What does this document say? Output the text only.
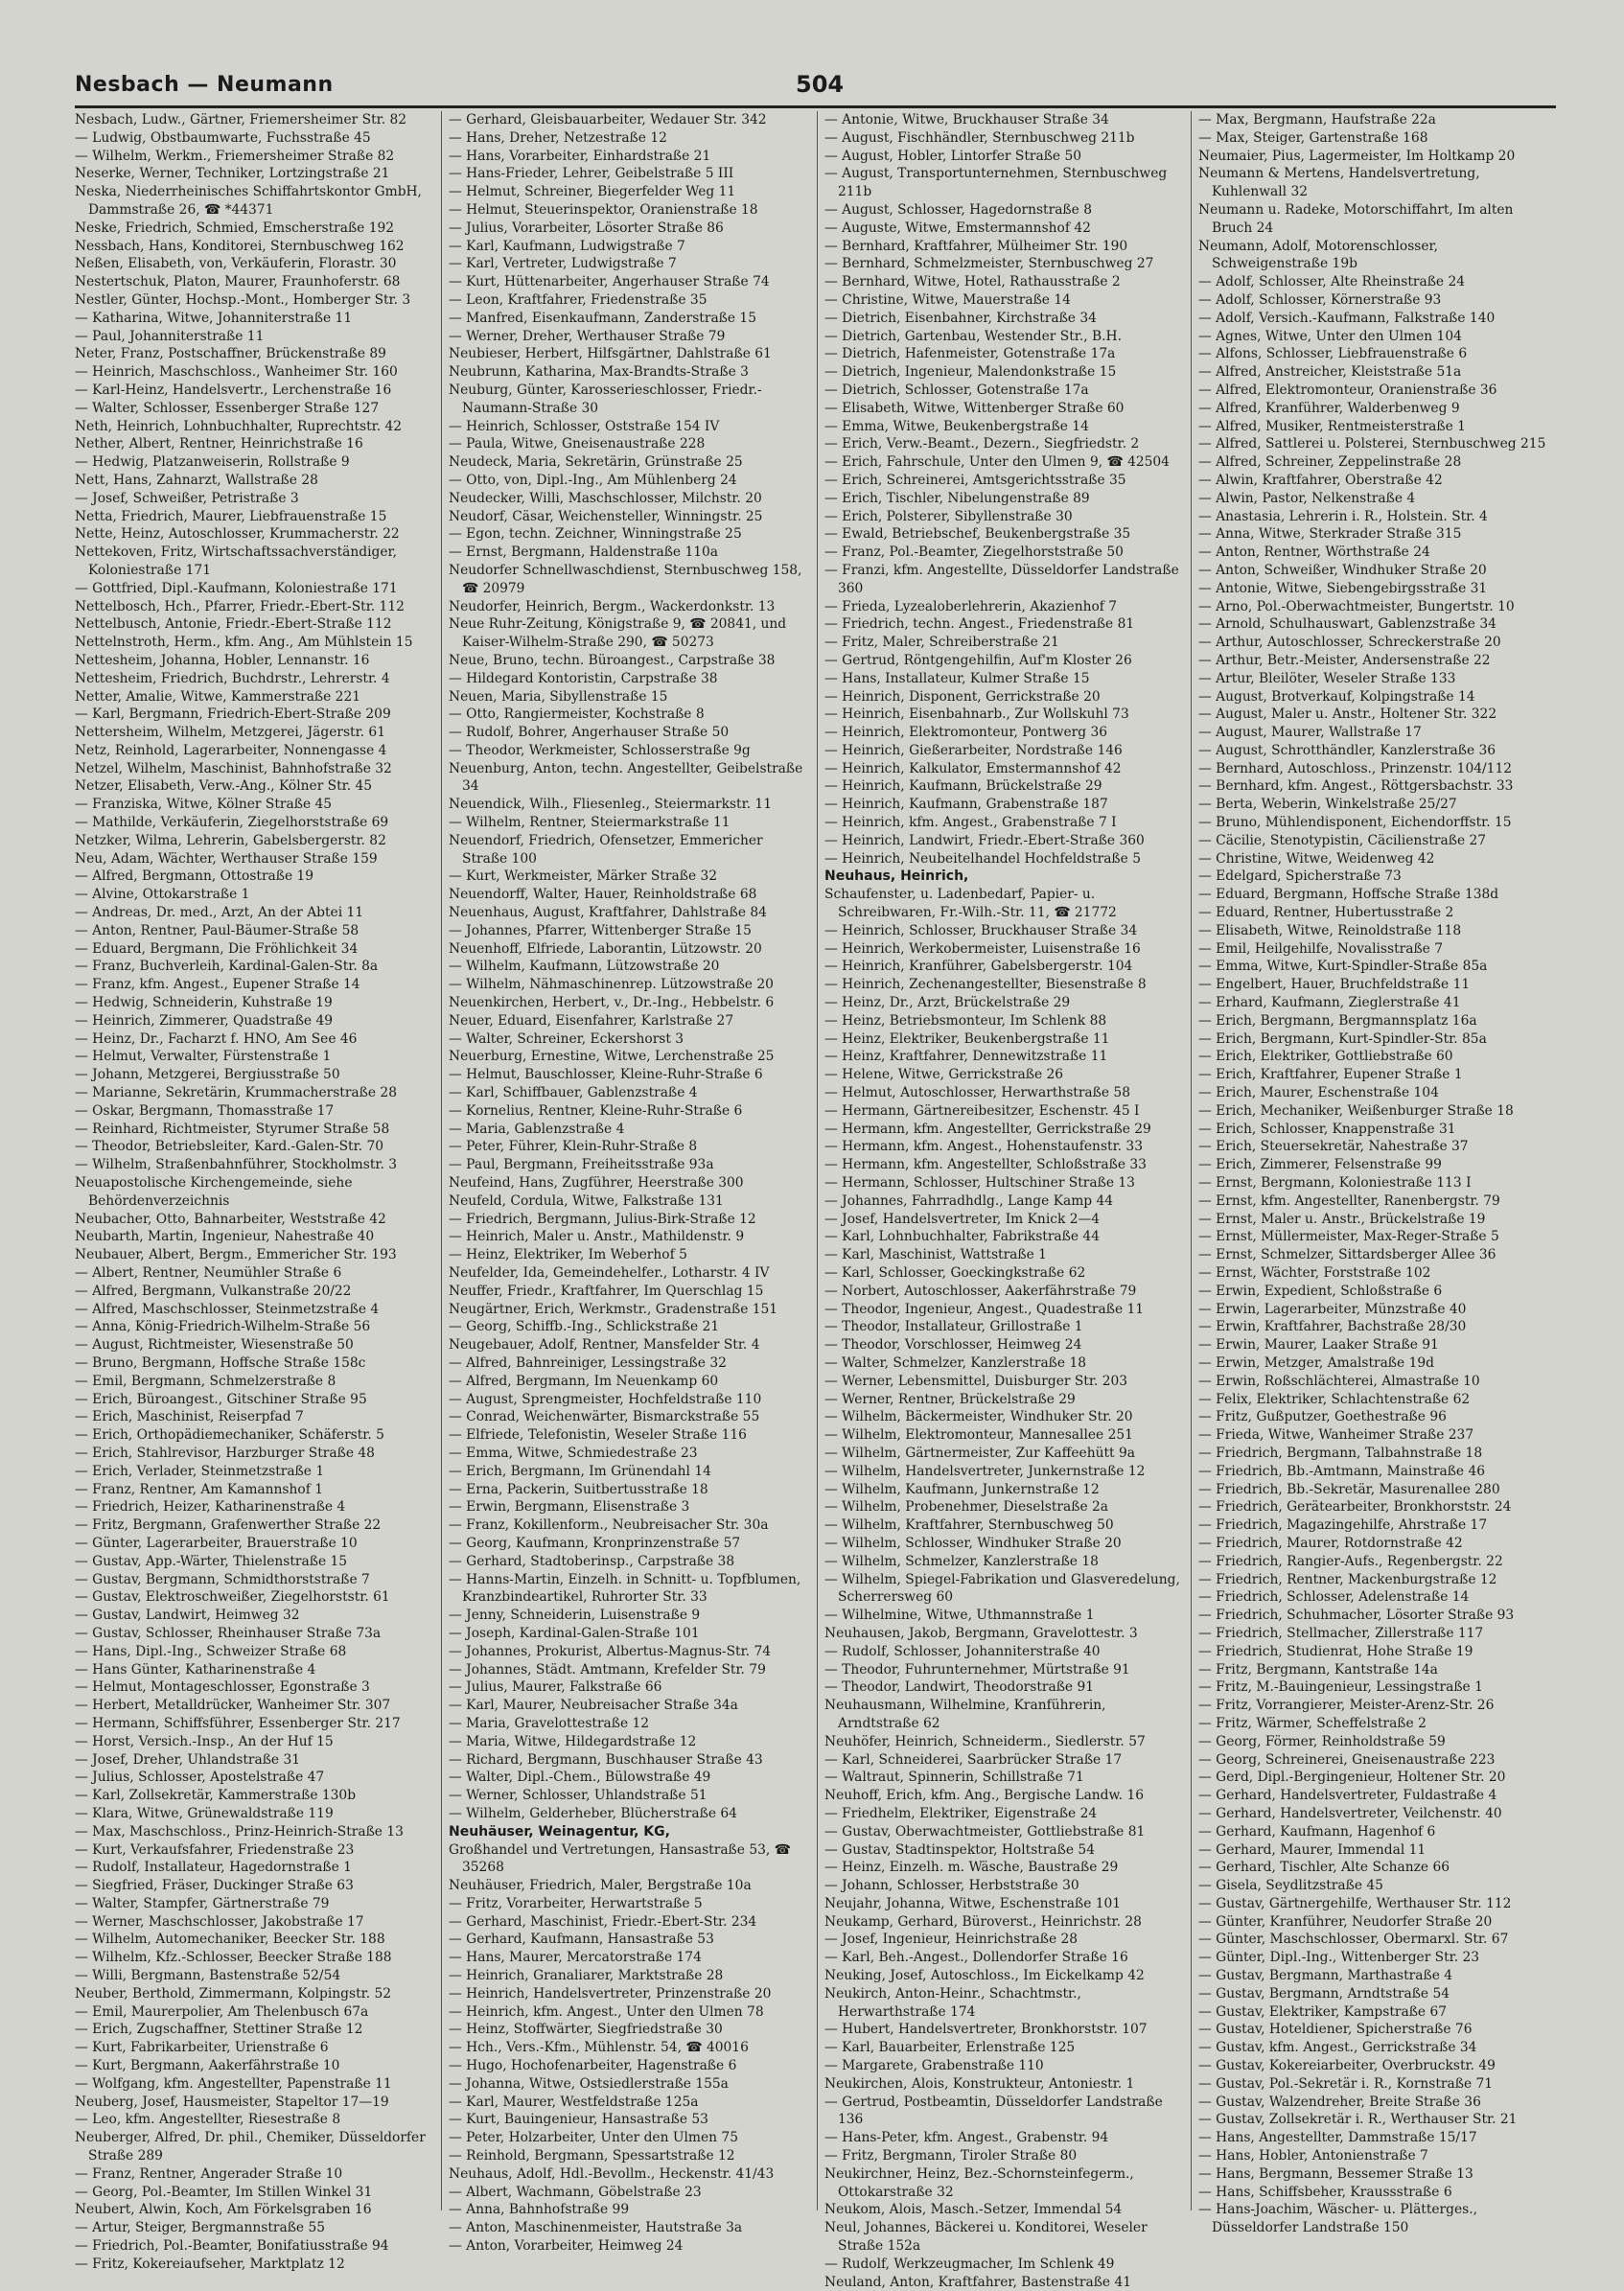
Nesbach — Neumann	504
Nesbach, Ludw., Gärtner, Friemersheimer Str. 82
— Ludwig, Obstbaumwarte, Fuchsstraße 45
— Wilhelm, Werkm., Friemersheimer Straße 82
Neserke, Werner, Techniker, Lortzingstraße 21
Neska, Niederrheinisches Schiffahrtskontor GmbH, Dammstraße 26, ☎ *44371
Neske, Friedrich, Schmied, Emscherstraße 192
Nessbach, Hans, Konditorei, Sternbuschweg 162
Neßen, Elisabeth, von, Verkäuferin, Florastr. 30
Nestertschuk, Platon, Maurer, Fraunhoferstr. 68
Nestler, Günter, Hochsp.-Mont., Homberger Str. 3
— Katharina, Witwe, Johanniterstraße 11
— Paul, Johanniterstraße 11
Neter, Franz, Postschaffner, Brückenstraße 89
— Heinrich, Maschschloss., Wanheimer Str. 160
— Karl-Heinz, Handelsvertr., Lerchenstraße 16
— Walter, Schlosser, Essenberger Straße 127
Neth, Heinrich, Lohnbuchhalter, Ruprechtstr. 42
Nether, Albert, Rentner, Heinrichstraße 16
— Hedwig, Platzanweiserin, Rollstraße 9
Nett, Hans, Zahnarzt, Wallstraße 28
— Josef, Schweißer, Petristraße 3
Netta, Friedrich, Maurer, Liebfrauenstraße 15
Nette, Heinz, Autoschlosser, Krummacherstr. 22
Nettekoven, Fritz, Wirtschaftssachverständiger, Koloniestraße 171
— Gottfried, Dipl.-Kaufmann, Koloniestraße 171
Nettelbosch, Hch., Pfarrer, Friedr.-Ebert-Str. 112
Nettelbusch, Antonie, Friedr.-Ebert-Straße 112
Nettelnstroth, Herm., kfm. Ang., Am Mühlstein 15
Nettesheim, Johanna, Hobler, Lennanstr. 16
Nettesheim, Friedrich, Buchdrstr., Lehrerstr. 4
Netter, Amalie, Witwe, Kammerstraße 221
— Karl, Bergmann, Friedrich-Ebert-Straße 209
Nettersheim, Wilhelm, Metzgerei, Jägerstr. 61
Netz, Reinhold, Lagerarbeiter, Nonnengasse 4
Netzel, Wilhelm, Maschinist, Bahnhofstraße 32
Netzer, Elisabeth, Verw.-Ang., Kölner Str. 45
— Franziska, Witwe, Kölner Straße 45
— Mathilde, Verkäuferin, Ziegelhorststraße 69
Netzker, Wilma, Lehrerin, Gabelsbergerstr. 82
Neu, Adam, Wächter, Werthauser Straße 159
— Alfred, Bergmann, Ottostraße 19
— Alvine, Ottokarstraße 1
— Andreas, Dr. med., Arzt, An der Abtei 11
— Anton, Rentner, Paul-Bäumer-Straße 58
— Eduard, Bergmann, Die Fröhlichkeit 34
— Franz, Buchverleih, Kardinal-Galen-Str. 8a
— Franz, kfm. Angest., Eupener Straße 14
— Hedwig, Schneiderin, Kuhstraße 19
— Heinrich, Zimmerer, Quadstraße 49
— Heinz, Dr., Facharzt f. HNO, Am See 46
— Helmut, Verwalter, Fürstenstraße 1
— Johann, Metzgerei, Bergiusstraße 50
— Marianne, Sekretärin, Krummacherstraße 28
— Oskar, Bergmann, Thomasstraße 17
— Reinhard, Richtmeister, Styrumer Straße 58
— Theodor, Betriebsleiter, Kard.-Galen-Str. 70
— Wilhelm, Straßenbahnführer, Stockholmstr. 3
Neuapostolische Kirchengemeinde, siehe Behördenverzeichnis
Neubacher, Otto, Bahnarbeiter, Weststraße 42
Neubarth, Martin, Ingenieur, Nahestraße 40
Neubauer, Albert, Bergm., Emmericher Str. 193
— Albert, Rentner, Neumühler Straße 6
— Alfred, Bergmann, Vulkanstraße 20/22
— Alfred, Maschschlosser, Steinmetzstraße 4
— Anna, König-Friedrich-Wilhelm-Straße 56
— August, Richtmeister, Wiesenstraße 50
— Bruno, Bergmann, Hoffsche Straße 158c
— Emil, Bergmann, Schmelzerstraße 8
— Erich, Büroangest., Gitschiner Straße 95
— Erich, Maschinist, Reiserpfad 7
— Erich, Orthopädiemechaniker, Schäferstr. 5
— Erich, Stahlrevisor, Harzburger Straße 48
— Erich, Verlader, Steinmetzstraße 1
— Franz, Rentner, Am Kamannshof 1
— Friedrich, Heizer, Katharinenstraße 4
— Fritz, Bergmann, Grafenwerther Straße 22
— Günter, Lagerarbeiter, Brauerstraße 10
— Gustav, App.-Wärter, Thielenstraße 15
— Gustav, Bergmann, Schmidthorststraße 7
— Gustav, Elektroschweißer, Ziegelhorststr. 61
— Gustav, Landwirt, Heimweg 32
— Gustav, Schlosser, Rheinhauser Straße 73a
— Hans, Dipl.-Ing., Schweizer Straße 68
— Hans Günter, Katharinenstraße 4
— Helmut, Montageschlosser, Egonstraße 3
— Herbert, Metalldrücker, Wanheimer Str. 307
— Hermann, Schiffsführer, Essenberger Str. 217
— Horst, Versich.-Insp., An der Huf 15
— Josef, Dreher, Uhlandstraße 31
— Julius, Schlosser, Apostelstraße 47
— Karl, Zollsekretär, Kammerstraße 130b
— Klara, Witwe, Grünewaldstraße 119
— Max, Maschschloss., Prinz-Heinrich-Straße 13
— Kurt, Verkaufsfahrer, Friedenstraße 23
— Rudolf, Installateur, Hagedornstraße 1
— Siegfried, Fräser, Duckinger Straße 63
— Walter, Stampfer, Gärtnerstraße 79
— Werner, Maschschlosser, Jakobstraße 17
— Wilhelm, Automechaniker, Beecker Str. 188
— Wilhelm, Kfz.-Schlosser, Beecker Straße 188
— Willi, Bergmann, Bastenstraße 52/54
Neuber, Berthold, Zimmermann, Kolpingstr. 52
— Emil, Maurerpolier, Am Thelenbusch 67a
— Erich, Zugschaffner, Stettiner Straße 12
— Kurt, Fabrikarbeiter, Urienstraße 6
— Kurt, Bergmann, Aakerfährstraße 10
— Wolfgang, kfm. Angestellter, Papenstraße 11
Neuberg, Josef, Hausmeister, Stapeltor 17—19
— Leo, kfm. Angestellter, Riesestraße 8
Neuberger, Alfred, Dr. phil., Chemiker, Düsseldorfer Straße 289
— Franz, Rentner, Angerader Straße 10
— Georg, Pol.-Beamter, Im Stillen Winkel 31
Neubert, Alwin, Koch, Am Förkelsgraben 16
— Artur, Steiger, Bergmannstraße 55
— Friedrich, Pol.-Beamter, Bonifatiusstraße 94
— Fritz, Kokereiaufseher, Marktplatz 12
— Gerhard, Gleisbauarbeiter, Wedauer Str. 342
— Hans, Dreher, Netzestraße 12
— Hans, Vorarbeiter, Einhardstraße 21
— Hans-Frieder, Lehrer, Geibelstraße 5 III
— Helmut, Schreiner, Biegerfelder Weg 11
— Helmut, Steuerinspektor, Oranienstraße 18
— Julius, Vorarbeiter, Lösorter Straße 86
— Karl, Kaufmann, Ludwigstraße 7
— Karl, Vertreter, Ludwigstraße 7
— Kurt, Hüttenarbeiter, Angerhauser Straße 74
— Leon, Kraftfahrer, Friedenstraße 35
— Manfred, Eisenkaufmann, Zanderstraße 15
— Werner, Dreher, Werthauser Straße 79
Neubieser, Herbert, Hilfsgärtner, Dahlstraße 61
Neubrunn, Katharina, Max-Brandts-Straße 3
Neuburg, Günter, Karosserieschlosser, Friedr.-Naumann-Straße 30
— Heinrich, Schlosser, Oststraße 154 IV
— Paula, Witwe, Gneisenaustraße 228
Neudeck, Maria, Sekretärin, Grünstraße 25
— Otto, von, Dipl.-Ing., Am Mühlenberg 24
Neudecker, Willi, Maschschlosser, Milchstr. 20
Neudorf, Cäsar, Weichensteller, Winningstr. 25
— Egon, techn. Zeichner, Winningstraße 25
— Ernst, Bergmann, Haldenstraße 110a
Neudorfer Schnellwaschdienst, Sternbuschweg 158, ☎ 20979
Neudorfer, Heinrich, Bergm., Wackerdonkstr. 13
Neue Ruhr-Zeitung, Königstraße 9, ☎ 20841, und Kaiser-Wilhelm-Straße 290, ☎ 50273
Neue, Bruno, techn. Büroangest., Carpstraße 38
— Hildegard Kontoristin, Carpstraße 38
Neuen, Maria, Sibyllenstraße 15
— Otto, Rangiermeister, Kochstraße 8
— Rudolf, Bohrer, Angerhauser Straße 50
— Theodor, Werkmeister, Schlosserstraße 9g
Neuenburg, Anton, techn. Angestellter, Geibelstraße 34
Neuendick, Wilh., Fliesenleg., Steiermarkstr. 11
— Wilhelm, Rentner, Steiermarkstraße 11
Neuendorf, Friedrich, Ofensetzer, Emmericher Straße 100
— Kurt, Werkmeister, Märker Straße 32
Neuendorff, Walter, Hauer, Reinholdstraße 68
Neuenhaus, August, Kraftfahrer, Dahlstraße 84
— Johannes, Pfarrer, Wittenberger Straße 15
Neuenhoff, Elfriede, Laborantin, Lützowstr. 20
— Wilhelm, Kaufmann, Lützowstraße 20
— Wilhelm, Nähmaschinenrep. Lützowstraße 20
Neuenkirchen, Herbert, v., Dr.-Ing., Hebbelstr. 6
Neuer, Eduard, Eisenfahrer, Karlstraße 27
— Walter, Schreiner, Eckershorst 3
Neuerburg, Ernestine, Witwe, Lerchenstraße 25
— Helmut, Bauschlosser, Kleine-Ruhr-Straße 6
— Karl, Schiffbauer, Gablenzstraße 4
— Kornelius, Rentner, Kleine-Ruhr-Straße 6
— Maria, Gablenzstraße 4
— Peter, Führer, Klein-Ruhr-Straße 8
— Paul, Bergmann, Freiheitsstraße 93a
Neufeind, Hans, Zugführer, Heerstraße 300
Neufeld, Cordula, Witwe, Falkstraße 131
— Friedrich, Bergmann, Julius-Birk-Straße 12
— Heinrich, Maler u. Anstr., Mathildenstr. 9
— Heinz, Elektriker, Im Weberhof 5
Neufelder, Ida, Gemeindehelfer., Lotharstr. 4 IV
Neuffer, Friedr., Kraftfahrer, Im Querschlag 15
Neugärtner, Erich, Werkmstr., Gradenstraße 151
— Georg, Schiffb.-Ing., Schlickstraße 21
Neugebauer, Adolf, Rentner, Mansfelder Str. 4
— Alfred, Bahnreiniger, Lessingstraße 32
— Alfred, Bergmann, Im Neuenkamp 60
— August, Sprengmeister, Hochfeldstraße 110
— Conrad, Weichenwärter, Bismarckstraße 55
— Elfriede, Telefonistin, Weseler Straße 116
— Emma, Witwe, Schmiedestraße 23
— Erich, Bergmann, Im Grünendahl 14
— Erna, Packerin, Suitbertusstraße 18
— Erwin, Bergmann, Elisenstraße 3
— Franz, Kokillenform., Neubreisacher Str. 30a
— Georg, Kaufmann, Kronprinzenstraße 57
— Gerhard, Stadtoberinsp., Carpstraße 38
— Hanns-Martin, Einzelh. in Schnitt- u. Topfblumen, Kranzbindeartikel, Ruhrorter Str. 33
— Jenny, Schneiderin, Luisenstraße 9
— Joseph, Kardinal-Galen-Straße 101
— Johannes, Prokurist, Albertus-Magnus-Str. 74
— Johannes, Städt. Amtmann, Krefelder Str. 79
— Julius, Maurer, Falkstraße 66
— Karl, Maurer, Neubreisacher Straße 34a
— Maria, Gravelottestraße 12
— Maria, Witwe, Hildegardstraße 12
— Richard, Bergmann, Buschhauser Straße 43
— Walter, Dipl.-Chem., Bülowstraße 49
— Werner, Schlosser, Uhlandstraße 51
— Wilhelm, Gelderheber, Blücherstraße 64
Neuhäuser, Weinagentur, KG,
Großhandel und Vertretungen, Hansastraße 53, ☎ 35268
Neuhäuser, Friedrich, Maler, Bergstraße 10a
— Fritz, Vorarbeiter, Herwartstraße 5
— Gerhard, Maschinist, Friedr.-Ebert-Str. 234
— Gerhard, Kaufmann, Hansastraße 53
— Hans, Maurer, Mercatorstraße 174
— Heinrich, Granaliarer, Marktstraße 28
— Heinrich, Handelsvertreter, Prinzenstraße 20
— Heinrich, kfm. Angest., Unter den Ulmen 78
— Heinz, Stoffwärter, Siegfriedstraße 30
— Hch., Vers.-Kfm., Mühlenstr. 54, ☎ 40016
— Hugo, Hochofenarbeiter, Hagenstraße 6
— Johanna, Witwe, Ostsiedlerstraße 155a
— Karl, Maurer, Westfeldstraße 125a
— Kurt, Bauingenieur, Hansastraße 53
— Peter, Holzarbeiter, Unter den Ulmen 75
— Reinhold, Bergmann, Spessartstraße 12
Neuhaus, Adolf, Hdl.-Bevollm., Heckenstr. 41/43
— Albert, Wachmann, Göbelstraße 23
— Anna, Bahnhofstraße 99
— Anton, Maschinenmeister, Hautstraße 3a
— Anton, Vorarbeiter, Heimweg 24
— Antonie, Witwe, Bruckhauser Straße 34
— August, Fischhändler, Sternbuschweg 211b
— August, Hobler, Lintorfer Straße 50
— August, Transportunternehmen, Sternbuschweg 211b
— August, Schlosser, Hagedornstraße 8
— Auguste, Witwe, Emstermannshof 42
— Bernhard, Kraftfahrer, Mülheimer Str. 190
— Bernhard, Schmelzmeister, Sternbuschweg 27
— Bernhard, Witwe, Hotel, Rathausstraße 2
— Christine, Witwe, Mauerstraße 14
— Dietrich, Eisenbahner, Kirchstraße 34
— Dietrich, Gartenbau, Westender Str., B.H.
— Dietrich, Hafenmeister, Gotenstraße 17a
— Dietrich, Ingenieur, Malendonkstraße 15
— Dietrich, Schlosser, Gotenstraße 17a
— Elisabeth, Witwe, Wittenberger Straße 60
— Emma, Witwe, Beukenbergstraße 14
— Erich, Verw.-Beamt., Dezern., Siegfriedstr. 2
— Erich, Fahrschule, Unter den Ulmen 9, ☎ 42504
— Erich, Schreinerei, Amtsgerichtsstraße 35
— Erich, Tischler, Nibelungenstraße 89
— Erich, Polsterer, Sibyllenstraße 30
— Ewald, Betriebschef, Beukenbergstraße 35
— Franz, Pol.-Beamter, Ziegelhorststraße 50
— Franzi, kfm. Angestellte, Düsseldorfer Landstraße 360
— Frieda, Lyzealoberlehrerin, Akazienhof 7
— Friedrich, techn. Angest., Friedenstraße 81
— Fritz, Maler, Schreiberstraße 21
— Gertrud, Röntgengehilfin, Auf'm Kloster 26
— Hans, Installateur, Kulmer Straße 15
— Heinrich, Disponent, Gerrickstraße 20
— Heinrich, Eisenbahnarb., Zur Wollskuhl 73
— Heinrich, Elektromonteur, Pontwerg 36
— Heinrich, Gießerarbeiter, Nordstraße 146
— Heinrich, Kalkulator, Emstermannshof 42
— Heinrich, Kaufmann, Brückelstraße 29
— Heinrich, Kaufmann, Grabenstraße 187
— Heinrich, kfm. Angest., Grabenstraße 7 I
— Heinrich, Landwirt, Friedr.-Ebert-Straße 360
— Heinrich, Neubeitelhandel Hochfeldstraße 5
Neuhaus, Heinrich,
Schaufenster, u. Ladenbedarf, Papier- u. Schreibwaren, Fr.-Wilh.-Str. 11, ☎ 21772
— Heinrich, Schlosser, Bruckhauser Straße 34
— Heinrich, Werkobermeister, Luisenstraße 16
— Heinrich, Kranführer, Gabelsbergerstr. 104
— Heinrich, Zechenangestellter, Biesenstraße 8
— Heinz, Dr., Arzt, Brückelstraße 29
— Heinz, Betriebsmonteur, Im Schlenk 88
— Heinz, Elektriker, Beukenbergstraße 11
— Heinz, Kraftfahrer, Dennewitzstraße 11
— Helene, Witwe, Gerrickstraße 26
— Helmut, Autoschlosser, Herwarthstraße 58
— Hermann, Gärtnereibesitzer, Eschenstr. 45 I
— Hermann, kfm. Angestellter, Gerrickstraße 29
— Hermann, kfm. Angest., Hohenstaufenstr. 33
— Hermann, kfm. Angestellter, Schloßstraße 33
— Hermann, Schlosser, Hultschiner Straße 13
— Johannes, Fahrradhdlg., Lange Kamp 44
— Josef, Handelsvertreter, Im Knick 2—4
— Karl, Lohnbuchhalter, Fabrikstraße 44
— Karl, Maschinist, Wattstraße 1
— Karl, Schlosser, Goeckingkstraße 62
— Norbert, Autoschlosser, Aakerfährstraße 79
— Theodor, Ingenieur, Angest., Quadestraße 11
— Theodor, Installateur, Grillostraße 1
— Theodor, Vorschlosser, Heimweg 24
— Walter, Schmelzer, Kanzlerstraße 18
— Werner, Lebensmittel, Duisburger Str. 203
— Werner, Rentner, Brückelstraße 29
— Wilhelm, Bäckermeister, Windhuker Str. 20
— Wilhelm, Elektromonteur, Mannesallee 251
— Wilhelm, Gärtnermeister, Zur Kaffeehütt 9a
— Wilhelm, Handelsvertreter, Junkernstraße 12
— Wilhelm, Kaufmann, Junkernstraße 12
— Wilhelm, Probenehmer, Dieselstraße 2a
— Wilhelm, Kraftfahrer, Sternbuschweg 50
— Wilhelm, Schlosser, Windhuker Straße 20
— Wilhelm, Schmelzer, Kanzlerstraße 18
— Wilhelm, Spiegel-Fabrikation und Glasveredelung, Scherrersweg 60
— Wilhelmine, Witwe, Uthmannstraße 1
Neuhausen, Jakob, Bergmann, Gravelottestr. 3
— Rudolf, Schlosser, Johanniterstraße 40
— Theodor, Fuhrunternehmer, Mürtstraße 91
— Theodor, Landwirt, Theodorstraße 91
Neuhausmann, Wilhelmine, Kranführerin, Arndtstraße 62
Neuhöfer, Heinrich, Schneiderm., Siedlerstr. 57
— Karl, Schneiderei, Saarbrücker Straße 17
— Waltraut, Spinnerin, Schillstraße 71
Neuhoff, Erich, kfm. Ang., Bergische Landw. 16
— Friedhelm, Elektriker, Eigenstraße 24
— Gustav, Oberwachtmeister, Gottliebstraße 81
— Gustav, Stadtinspektor, Holtstraße 54
— Heinz, Einzelh. m. Wäsche, Baustraße 29
— Johann, Schlosser, Herbststraße 30
Neujahr, Johanna, Witwe, Eschenstraße 101
Neukamp, Gerhard, Büroverst., Heinrichstr. 28
— Josef, Ingenieur, Heinrichstraße 28
— Karl, Beh.-Angest., Dollendorfer Straße 16
Neuking, Josef, Autoschloss., Im Eickelkamp 42
Neukirch, Anton-Heinr., Schachtmstr., Herwarthstraße 174
— Hubert, Handelsvertreter, Bronkhorststr. 107
— Karl, Bauarbeiter, Erlenstraße 125
— Margarete, Grabenstraße 110
Neukirchen, Alois, Konstrukteur, Antoniestr. 1
— Gertrud, Postbeamtin, Düsseldorfer Landstraße 136
— Hans-Peter, kfm. Angest., Grabenstr. 94
— Fritz, Bergmann, Tiroler Straße 80
Neukirchner, Heinz, Bez.-Schornsteinfegerm., Ottokarstraße 32
Neukom, Alois, Masch.-Setzer, Immendal 54
Neul, Johannes, Bäckerei u. Konditorei, Weseler Straße 152a
— Rudolf, Werkzeugmacher, Im Schlenk 49
Neuland, Anton, Kraftfahrer, Bastenstraße 41
— Max, Bergmann, Haufstraße 22a
— Max, Steiger, Gartenstraße 168
Neumaier, Pius, Lagermeister, Im Holtkamp 20
Neumann & Mertens, Handelsvertretung, Kuhlenwall 32
Neumann u. Radeke, Motorschiffahrt, Im alten Bruch 24
Neumann, Adolf, Motorenschlosser, Schweigenstraße 19b
— Adolf, Schlosser, Alte Rheinstraße 24
— Adolf, Schlosser, Körnerstraße 93
— Adolf, Versich.-Kaufmann, Falkstraße 140
— Agnes, Witwe, Unter den Ulmen 104
— Alfons, Schlosser, Liebfrauenstraße 6
— Alfred, Anstreicher, Kleiststraße 51a
— Alfred, Elektromonteur, Oranienstraße 36
— Alfred, Kranführer, Walderbenweg 9
— Alfred, Musiker, Rentmeisterstraße 1
— Alfred, Sattlerei u. Polsterei, Sternbuschweg 215
— Alfred, Schreiner, Zeppelinstraße 28
— Alwin, Kraftfahrer, Oberstraße 42
— Alwin, Pastor, Nelkenstraße 4
— Anastasia, Lehrerin i. R., Holstein. Str. 4
— Anna, Witwe, Sterkrader Straße 315
— Anton, Rentner, Wörthstraße 24
— Anton, Schweißer, Windhuker Straße 20
— Antonie, Witwe, Siebengebirgsstraße 31
— Arno, Pol.-Oberwachtmeister, Bungertstr. 10
— Arnold, Schulhauswart, Gablenzstraße 34
— Arthur, Autoschlosser, Schreckerstraße 20
— Arthur, Betr.-Meister, Andersenstraße 22
— Artur, Bleilöter, Weseler Straße 133
— August, Brotverkauf, Kolpingstraße 14
— August, Maler u. Anstr., Holtener Str. 322
— August, Maurer, Wallstraße 17
— August, Schrotthändler, Kanzlerstraße 36
— Bernhard, Autoschloss., Prinzenstr. 104/112
— Bernhard, kfm. Angest., Röttgersbachstr. 33
— Berta, Weberin, Winkelstraße 25/27
— Bruno, Mühlendisponent, Eichendorffstr. 15
— Cäcilie, Stenotypistin, Cäcilienstraße 27
— Christine, Witwe, Weidenweg 42
— Edelgard, Spicherstraße 73
— Eduard, Bergmann, Hoffsche Straße 138d
— Eduard, Rentner, Hubertusstraße 2
— Elisabeth, Witwe, Reinoldstraße 118
— Emil, Heilgehilfe, Novalisstraße 7
— Emma, Witwe, Kurt-Spindler-Straße 85a
— Engelbert, Hauer, Bruchfeldstraße 11
— Erhard, Kaufmann, Zieglerstraße 41
— Erich, Bergmann, Bergmannsplatz 16a
— Erich, Bergmann, Kurt-Spindler-Str. 85a
— Erich, Elektriker, Gottliebstraße 60
— Erich, Kraftfahrer, Eupener Straße 1
— Erich, Maurer, Eschenstraße 104
— Erich, Mechaniker, Weißenburger Straße 18
— Erich, Schlosser, Knappenstraße 31
— Erich, Steuersekretär, Nahestraße 37
— Erich, Zimmerer, Felsenstraße 99
— Ernst, Bergmann, Koloniestraße 113 I
— Ernst, kfm. Angestellter, Ranenbergstr. 79
— Ernst, Maler u. Anstr., Brückelstraße 19
— Ernst, Müllermeister, Max-Reger-Straße 5
— Ernst, Schmelzer, Sittardsberger Allee 36
— Ernst, Wächter, Forststraße 102
— Erwin, Expedient, Schloßstraße 6
— Erwin, Lagerarbeiter, Münzstraße 40
— Erwin, Kraftfahrer, Bachstraße 28/30
— Erwin, Maurer, Laaker Straße 91
— Erwin, Metzger, Amalstraße 19d
— Erwin, Roßschlächterei, Almastraße 10
— Felix, Elektriker, Schlachtenstraße 62
— Fritz, Gußputzer, Goethestraße 96
— Frieda, Witwe, Wanheimer Straße 237
— Friedrich, Bergmann, Talbahnstraße 18
— Friedrich, Bb.-Amtmann, Mainstraße 46
— Friedrich, Bb.-Sekretär, Masurenallee 280
— Friedrich, Gerätearbeiter, Bronkhorststr. 24
— Friedrich, Magazingehilfe, Ahrstraße 17
— Friedrich, Maurer, Rotdornstraße 42
— Friedrich, Rangier-Aufs., Regenbergstr. 22
— Friedrich, Rentner, Mackenburgstraße 12
— Friedrich, Schlosser, Adelenstraße 14
— Friedrich, Schuhmacher, Lösorter Straße 93
— Friedrich, Stellmacher, Zillerstraße 117
— Friedrich, Studienrat, Hohe Straße 19
— Fritz, Bergmann, Kantstraße 14a
— Fritz, M.-Bauingenieur, Lessingstraße 1
— Fritz, Vorrangierer, Meister-Arenz-Str. 26
— Fritz, Wärmer, Scheffelstraße 2
— Georg, Förmer, Reinholdstraße 59
— Georg, Schreinerei, Gneisenaustraße 223
— Gerd, Dipl.-Bergingenieur, Holtener Str. 20
— Gerhard, Handelsvertreter, Fuldastraße 4
— Gerhard, Handelsvertreter, Veilchenstr. 40
— Gerhard, Kaufmann, Hagenhof 6
— Gerhard, Maurer, Immendal 11
— Gerhard, Tischler, Alte Schanze 66
— Gisela, Seydlitzstraße 45
— Gustav, Gärtnergehilfe, Werthauser Str. 112
— Günter, Kranführer, Neudorfer Straße 20
— Günter, Maschschlosser, Obermarxl. Str. 67
— Günter, Dipl.-Ing., Wittenberger Str. 23
— Gustav, Bergmann, Marthastraße 4
— Gustav, Bergmann, Arndtstraße 54
— Gustav, Elektriker, Kampstraße 67
— Gustav, Hoteldiener, Spicherstraße 76
— Gustav, kfm. Angest., Gerrickstraße 34
— Gustav, Kokereiarbeiter, Overbruckstr. 49
— Gustav, Pol.-Sekretär i. R., Kornstraße 71
— Gustav, Walzendreher, Breite Straße 36
— Gustav, Zollsekretär i. R., Werthauser Str. 21
— Hans, Angestellter, Dammstraße 15/17
— Hans, Hobler, Antonienstraße 7
— Hans, Bergmann, Bessemer Straße 13
— Hans, Schiffsbeher, Kraussstraße 6
— Hans-Joachim, Wäscher- u. Plätterges., Düsseldorfer Landstraße 150
